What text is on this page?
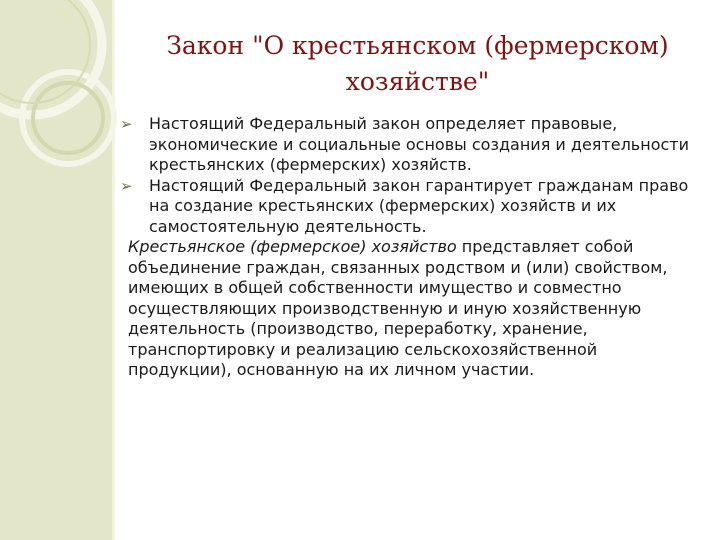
Закон "О крестьянском (фермерском)
хозяйстве"

➢ Настоящий Федеральный закон определяет правовые, экономические и социальные основы создания и деятельности крестьянских (фермерских) хозяйств.

➢ Настоящий Федеральный закон гарантирует гражданам право на создание крестьянских (фермерских) хозяйств и их самостоятельную деятельность.

Крестьянское (фермерское) хозяйство представляет собой объединение граждан, связанных родством и (или) свойством, имеющих в общей собственности имущество и совместно осуществляющих производственную и иную хозяйственную деятельность (производство, переработку, хранение, транспортировку и реализацию сельскохозяйственной продукции), основанную на их личном участии.
